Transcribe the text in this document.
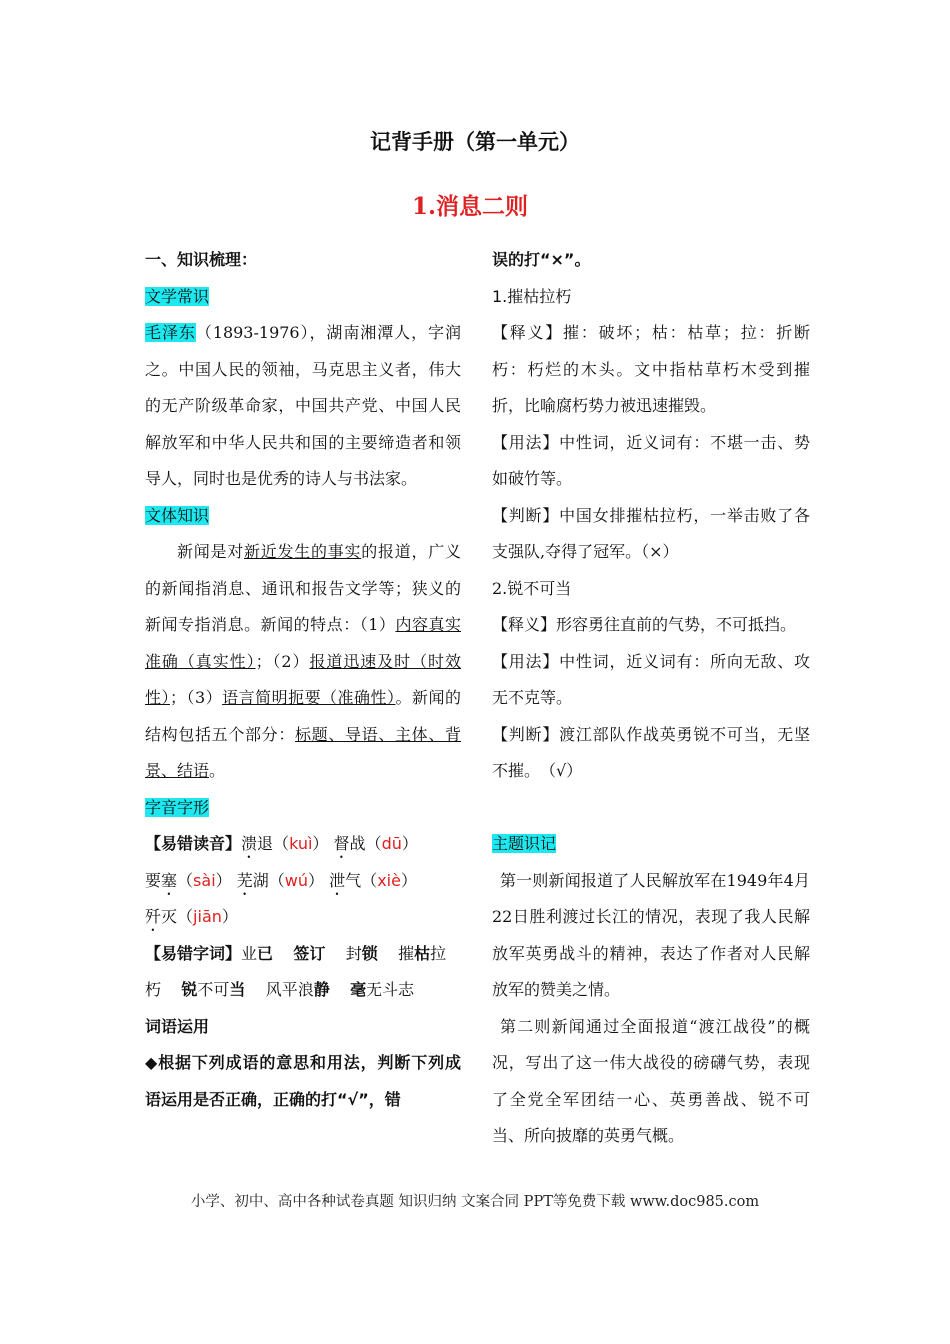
记背手册（第一单元）
1.消息二则

一、知识梳理：

文学常识

毛泽东（1893-1976），湖南湘潭人，字润之。中国人民的领袖，马克思主义者，伟大的无产阶级革命家，中国共产党、中国人民解放军和中华人民共和国的主要缔造者和领导人，同时也是优秀的诗人与书法家。

文体知识

新闻是对新近发生的事实的报道，广义的新闻指消息、通讯和报告文学等；狭义的新闻专指消息。新闻的特点：（1）内容真实准确（真实性）；（2）报道迅速及时（时效性）；（3）语言简明扼要（准确性）。新闻的结构包括五个部分：标题、导语、主体、背景、结语。

字音字形

【易错读音】溃退（kuì） 督战（dū）
要塞（sài） 芜湖（wú） 泄气（xiè）
歼灭（jiān）

【易错字词】业已 签订 封锁 摧枯拉朽 锐不可当 风平浪静 毫无斗志

词语运用

◆根据下列成语的意思和用法，判断下列成语运用是否正确，正确的打“√”，错

误的打“×”。

1.摧枯拉朽

【释义】摧：破坏；枯：枯草；拉：折断朽：朽烂的木头。文中指枯草朽木受到摧折，比喻腐朽势力被迅速摧毁。

【用法】中性词，近义词有：不堪一击、势如破竹等。

【判断】中国女排摧枯拉朽，一举击败了各支强队,夺得了冠军。（×）

2.锐不可当

【释义】形容勇往直前的气势，不可抵挡。

【用法】中性词，近义词有：所向无敌、攻无不克等。

【判断】渡江部队作战英勇锐不可当，无坚不摧。　（√）

主题识记

第一则新闻报道了人民解放军在1949年4月22日胜利渡过长江的情况，表现了我人民解放军英勇战斗的精神，表达了作者对人民解放军的赞美之情。

第二则新闻通过全面报道“渡江战役”的概况，写出了这一伟大战役的磅礴气势，表现了全党全军团结一心、英勇善战、锐不可当、所向披靡的英勇气概。

小学、初中、高中各种试卷真题 知识归纳 文案合同 PPT等免费下载 www.doc985.com
